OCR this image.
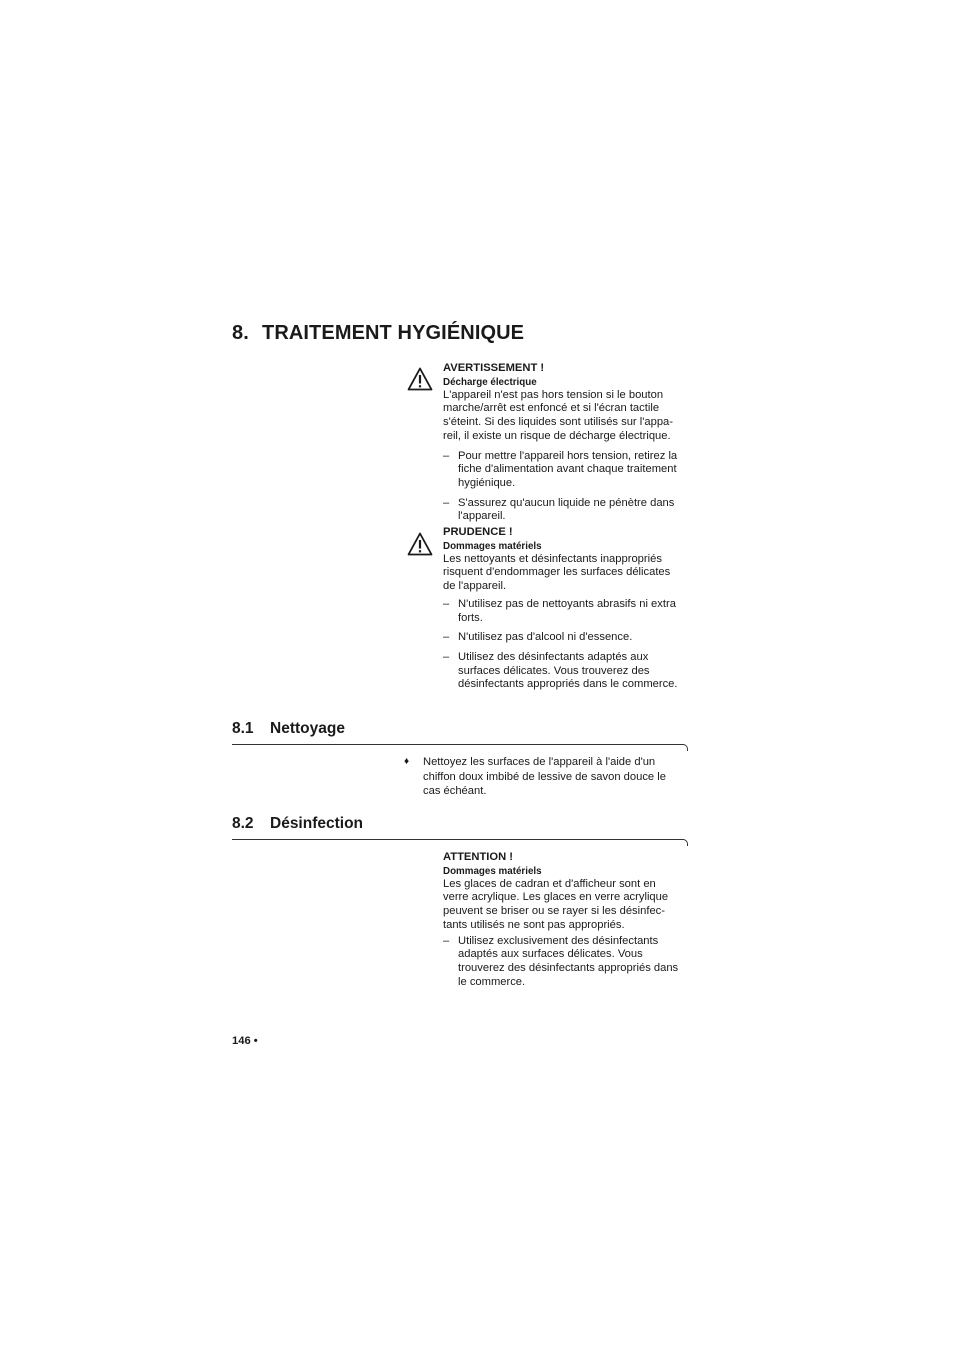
8. TRAITEMENT HYGIÉNIQUE
AVERTISSEMENT !
Décharge électrique

L'appareil n'est pas hors tension si le bouton
marche/arrêt est enfoncé et si l'écran tactile
s'éteint. Si des liquides sont utilisés sur l'appa-
reil, il existe un risque de décharge électrique.

– Pour mettre l'appareil hors tension, retirez la
fiche d'alimentation avant chaque traitement
hygiénique.
– S'assurez qu'aucun liquide ne pénètre dans
l'appareil.
PRUDENCE !
Dommages matériels

Les nettoyants et désinfectants inappropriés
risquent d'endommager les surfaces délicates
de l'appareil.

– N'utilisez pas de nettoyants abrasifs ni extra
forts.
– N'utilisez pas d'alcool ni d'essence.
– Utilisez des désinfectants adaptés aux
surfaces délicates. Vous trouverez des
désinfectants appropriés dans le commerce.
8.1 Nettoyage
♦ Nettoyez les surfaces de l'appareil à l'aide d'un
chiffon doux imbibé de lessive de savon douce le
cas échéant.
8.2 Désinfection
ATTENTION !
Dommages matériels

Les glaces de cadran et d'afficheur sont en
verre acrylique. Les glaces en verre acrylique
peuvent se briser ou se rayer si les désinfec-
tants utilisés ne sont pas appropriés.

– Utilisez exclusivement des désinfectants
adaptés aux surfaces délicates. Vous
trouverez des désinfectants appropriés dans
le commerce.
146 •
